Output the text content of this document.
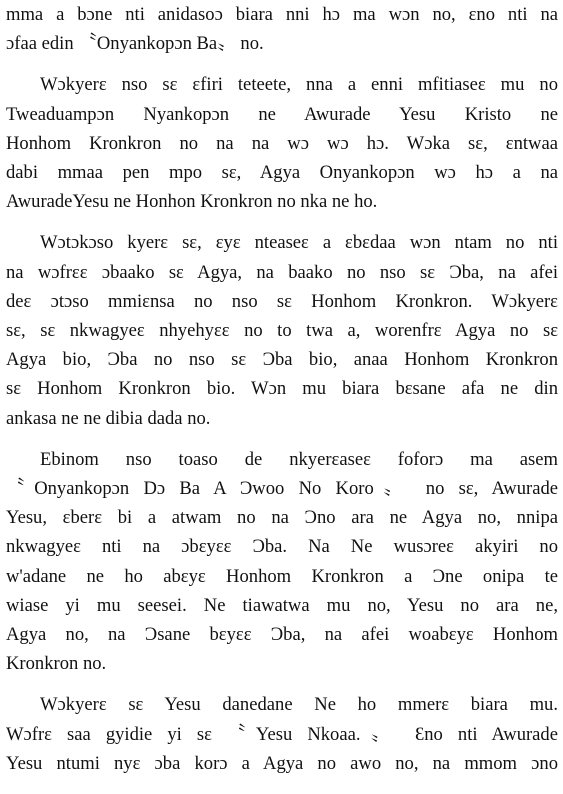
mma a bɔne nti anidasoɔ biara nni hɔ ma wɔn no, ɛno nti na
ɔfaa edin 〝Onyankopɔn Ba〟 no.
Wɔkyerɛ nso sɛ ɛfiri teteete, nna a enni mfitiaseɛ mu no
Tweaduampɔn Nyankopɔn ne Awurade Yesu Kristo ne
Honhom Kronkron no na na wɔ wɔ hɔ. Wɔka sɛ, ɛntwaa
dabi mmaa pen mpo sɛ, Agya Onyankopɔn wɔ hɔ a na
AwuradeYesu ne Honhon Kronkron no nka ne ho.
Wɔtɔkɔso kyerɛ sɛ, ɛyɛ nteaseɛ a ɛbɛdaa wɔn ntam no nti
na wɔfrɛɛ ɔbaako sɛ Agya, na baako no nso sɛ Ɔba, na afei
deɛ ɔtɔso mmiɛnsa no nso sɛ Honhom Kronkron. Wɔkyerɛ
sɛ, sɛ nkwagyeɛ nhyehyɛɛ no to twa a, worenfrɛ Agya no sɛ
Agya bio, Ɔba no nso sɛ Ɔba bio, anaa Honhom Kronkron
sɛ Honhom Kronkron bio. Wɔn mu biara bɛsane afa ne din
ankasa ne ne dibia dada no.
Ebinom nso toaso de nkyerɛaseɛ foforɔ ma asem
〝Onyankopɔn Dɔ Ba A Ɔwoo No Koro〟 no sɛ, Awurade
Yesu, ɛberɛ bi a atwam no na Ɔno ara ne Agya no, nnipa
nkwagyeɛ nti na ɔbɛyɛɛ Ɔba. Na Ne wusɔreɛ akyiri no
w'adane ne ho abɛyɛ Honhom Kronkron a Ɔne onipa te
wiase yi mu seesei. Ne tiawatwa mu no, Yesu no ara ne,
Agya no, na Ɔsane bɛyɛɛ Ɔba, na afei woabɛyɛ Honhom
Kronkron no.
Wɔkyerɛ sɛ Yesu danedane Ne ho mmerɛ biara mu.
Wɔfrɛ saa gyidie yi sɛ 〝Yesu Nkoaa.〟 Ɛno nti Awurade
Yesu ntumi nyɛ ɔba korɔ a Agya no awo no, na mmom ɔno
